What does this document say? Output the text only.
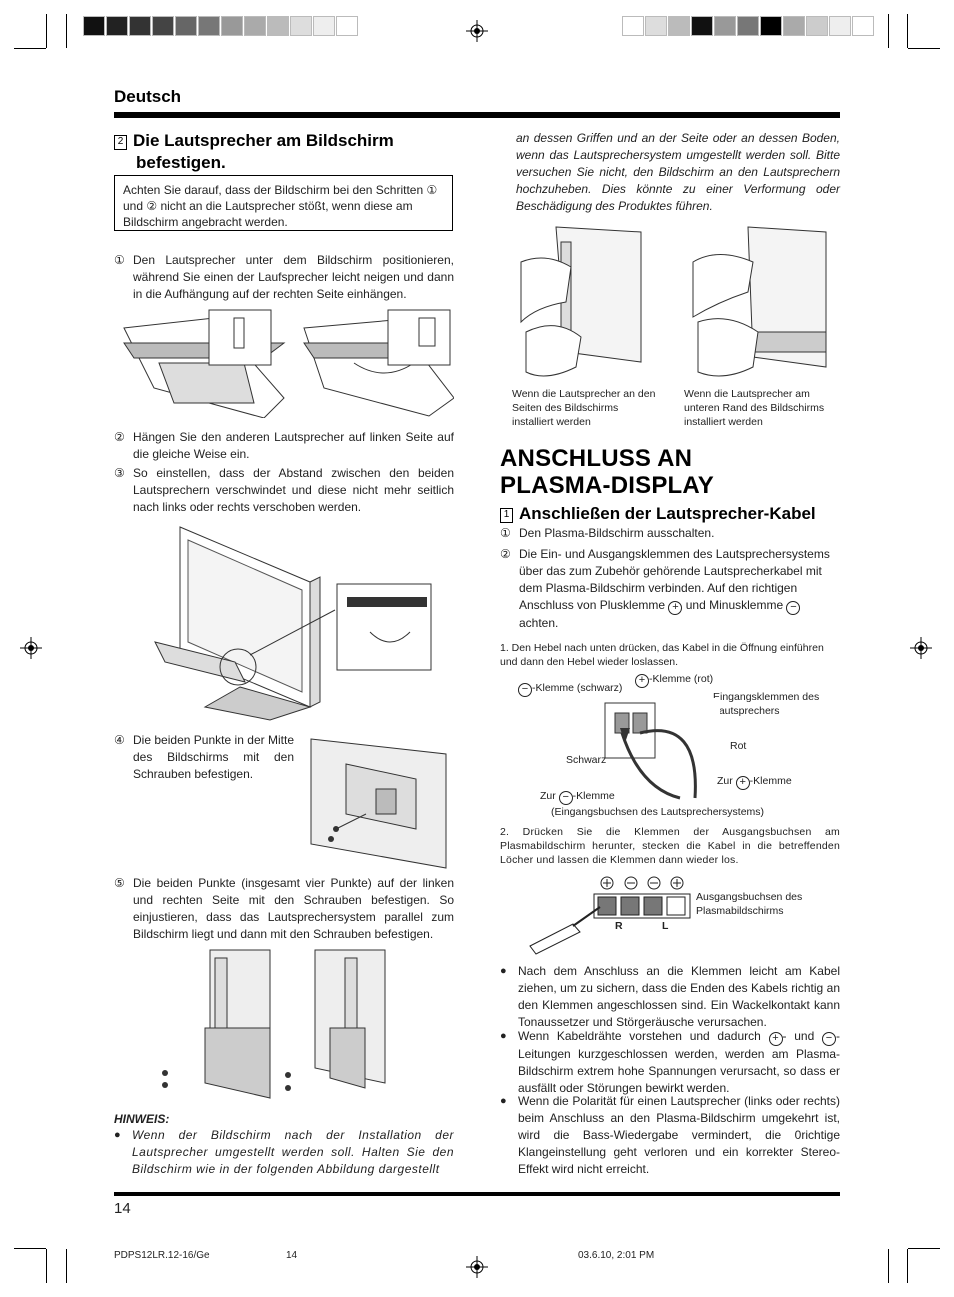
Deutsch
2 Die Lautsprecher am Bildschirm
befestigen.
Achten Sie darauf, dass der Bildschirm bei den Schritten ① und ② nicht an die Lautsprecher stößt, wenn diese am Bildschirm angebracht werden.
① Den Lautsprecher unter dem Bildschirm positionieren, während Sie einen der Laufsprecher leicht neigen und dann in die Aufhängung auf der rechten Seite einhängen.
② Hängen Sie den anderen Lautsprecher auf linken Seite auf die gleiche Weise ein.
③ So einstellen, dass der Abstand zwischen den beiden Lautsprechern verschwindet und diese nicht mehr seitlich nach links oder rechts verschoben werden.
④ Die beiden Punkte in der Mitte des Bildschirms mit den Schrauben befestigen.
⑤ Die beiden Punkte (insgesamt vier Punkte) auf der linken und rechten Seite mit den Schrauben befestigen. So einjustieren, dass das Lautsprechersystem parallel zum Bildschirm liegt und dann mit den Schrauben befestigen.
HINWEIS:
● Wenn der Bildschirm nach der Installation der Lautsprecher umgestellt werden soll. Halten Sie den Bildschirm wie in der folgenden Abbildung dargestellt
an dessen Griffen und an der Seite oder an dessen Boden, wenn das Lautsprechersystem umgestellt werden soll. Bitte versuchen Sie nicht, den Bildschirm an den Lautsprechern hochzuheben. Dies könnte zu einer Verformung oder Beschädigung des Produktes führen.
Wenn die Lautsprecher an den Seiten des Bildschirms installiert werden
Wenn die Lautsprecher am unteren Rand des Bildschirms installiert werden
ANSCHLUSS AN
PLASMA-DISPLAY
1 Anschließen der Lautsprecher-Kabel
① Den Plasma-Bildschirm ausschalten.
② Die Ein- und Ausgangsklemmen des Lautsprechersystems über das zum Zubehör gehörende Lautsprecherkabel mit dem Plasma-Bildschirm verbinden. Auf den richtigen Anschluss von Plusklemme + und Minusklemme − achten.
1. Den Hebel nach unten drücken, das Kabel in die Öffnung einführen und dann den Hebel wieder loslassen.
− -Klemme (schwarz)
+ -Klemme (rot)
Eingangsklemmen des
Lautsprechers
Rot
Schwarz
Zur + -Klemme
Zur − -Klemme
(Eingangsbuchsen des Lautsprechersystems)
2. Drücken Sie die Klemmen der Ausgangsbuchsen am Plasmabildschirm herunter, stecken die Kabel in die betreffenden Löcher und lassen die Klemmen dann wieder los.
R	L
Ausgangsbuchsen des
Plasmabildschirms
● Nach dem Anschluss an die Klemmen leicht am Kabel ziehen, um zu sichern, dass die Enden des Kabels richtig an den Klemmen angeschlossen sind. Ein Wackelkontakt kann Tonaussetzer und Störgeräusche verursachen.
● Wenn Kabeldrähte vorstehen und dadurch + - und − - Leitungen kurzgeschlossen werden, werden am Plasma-Bildschirm extrem hohe Spannungen verursacht, so dass er ausfällt oder Störungen bewirkt werden.
● Wenn die Polarität für einen Lautsprecher (links oder rechts) beim Anschluss an den Plasma-Bildschirm umgekehrt ist, wird die Bass-Wiedergabe vermindert, die 0richtige Klangeinstellung geht verloren und ein korrekter Stereo-Effekt wird nicht erreicht.
14
PDPS12LR.12-16/Ge	14	03.6.10, 2:01 PM
